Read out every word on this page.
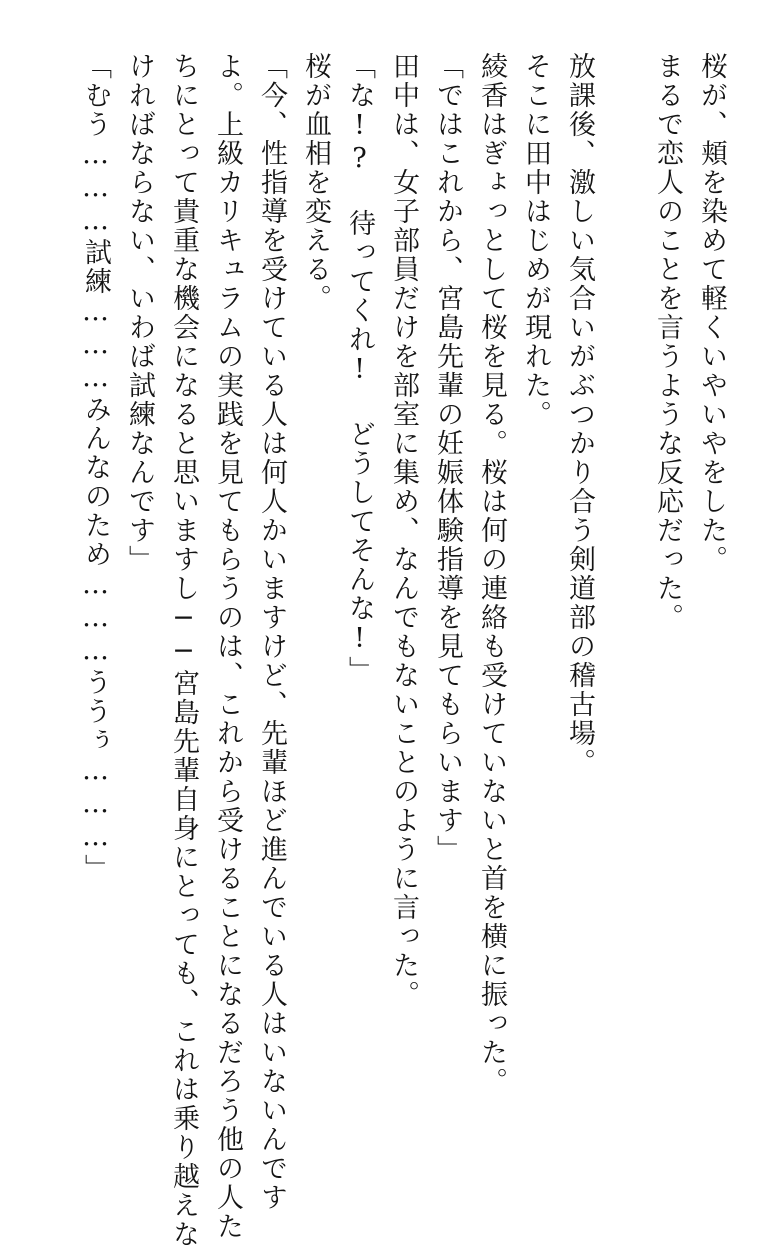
桜が、頬を染めて軽くいやいやをした。
まるで恋人のことを言うような反応だった。
放課後、激しい気合いがぶつかり合う剣道部の稽古場。
そこに田中はじめが現れた。
綾香はぎょっとして桜を見る。桜は何の連絡も受けていないと首を横に振った。
「ではこれから、宮島先輩の妊娠体験指導を見てもらいます」
田中は、女子部員だけを部室に集め、なんでもないことのように言った。
「な!? 待ってくれ! どうしてそんな!」
桜が血相を変える。
「今、性指導を受けている人は何人かいますけど、先輩ほど進んでいる人はいないんです
よ。上級カリキュラムの実践を見てもらうのは、これから受けることになるだろう他の人た
ちにとって貴重な機会になると思いますし──宮島先輩自身にとっても、これは乗り越えな
ければならない、いわば試練なんです」
「むう………試練………みんなのため………ううぅ………」
